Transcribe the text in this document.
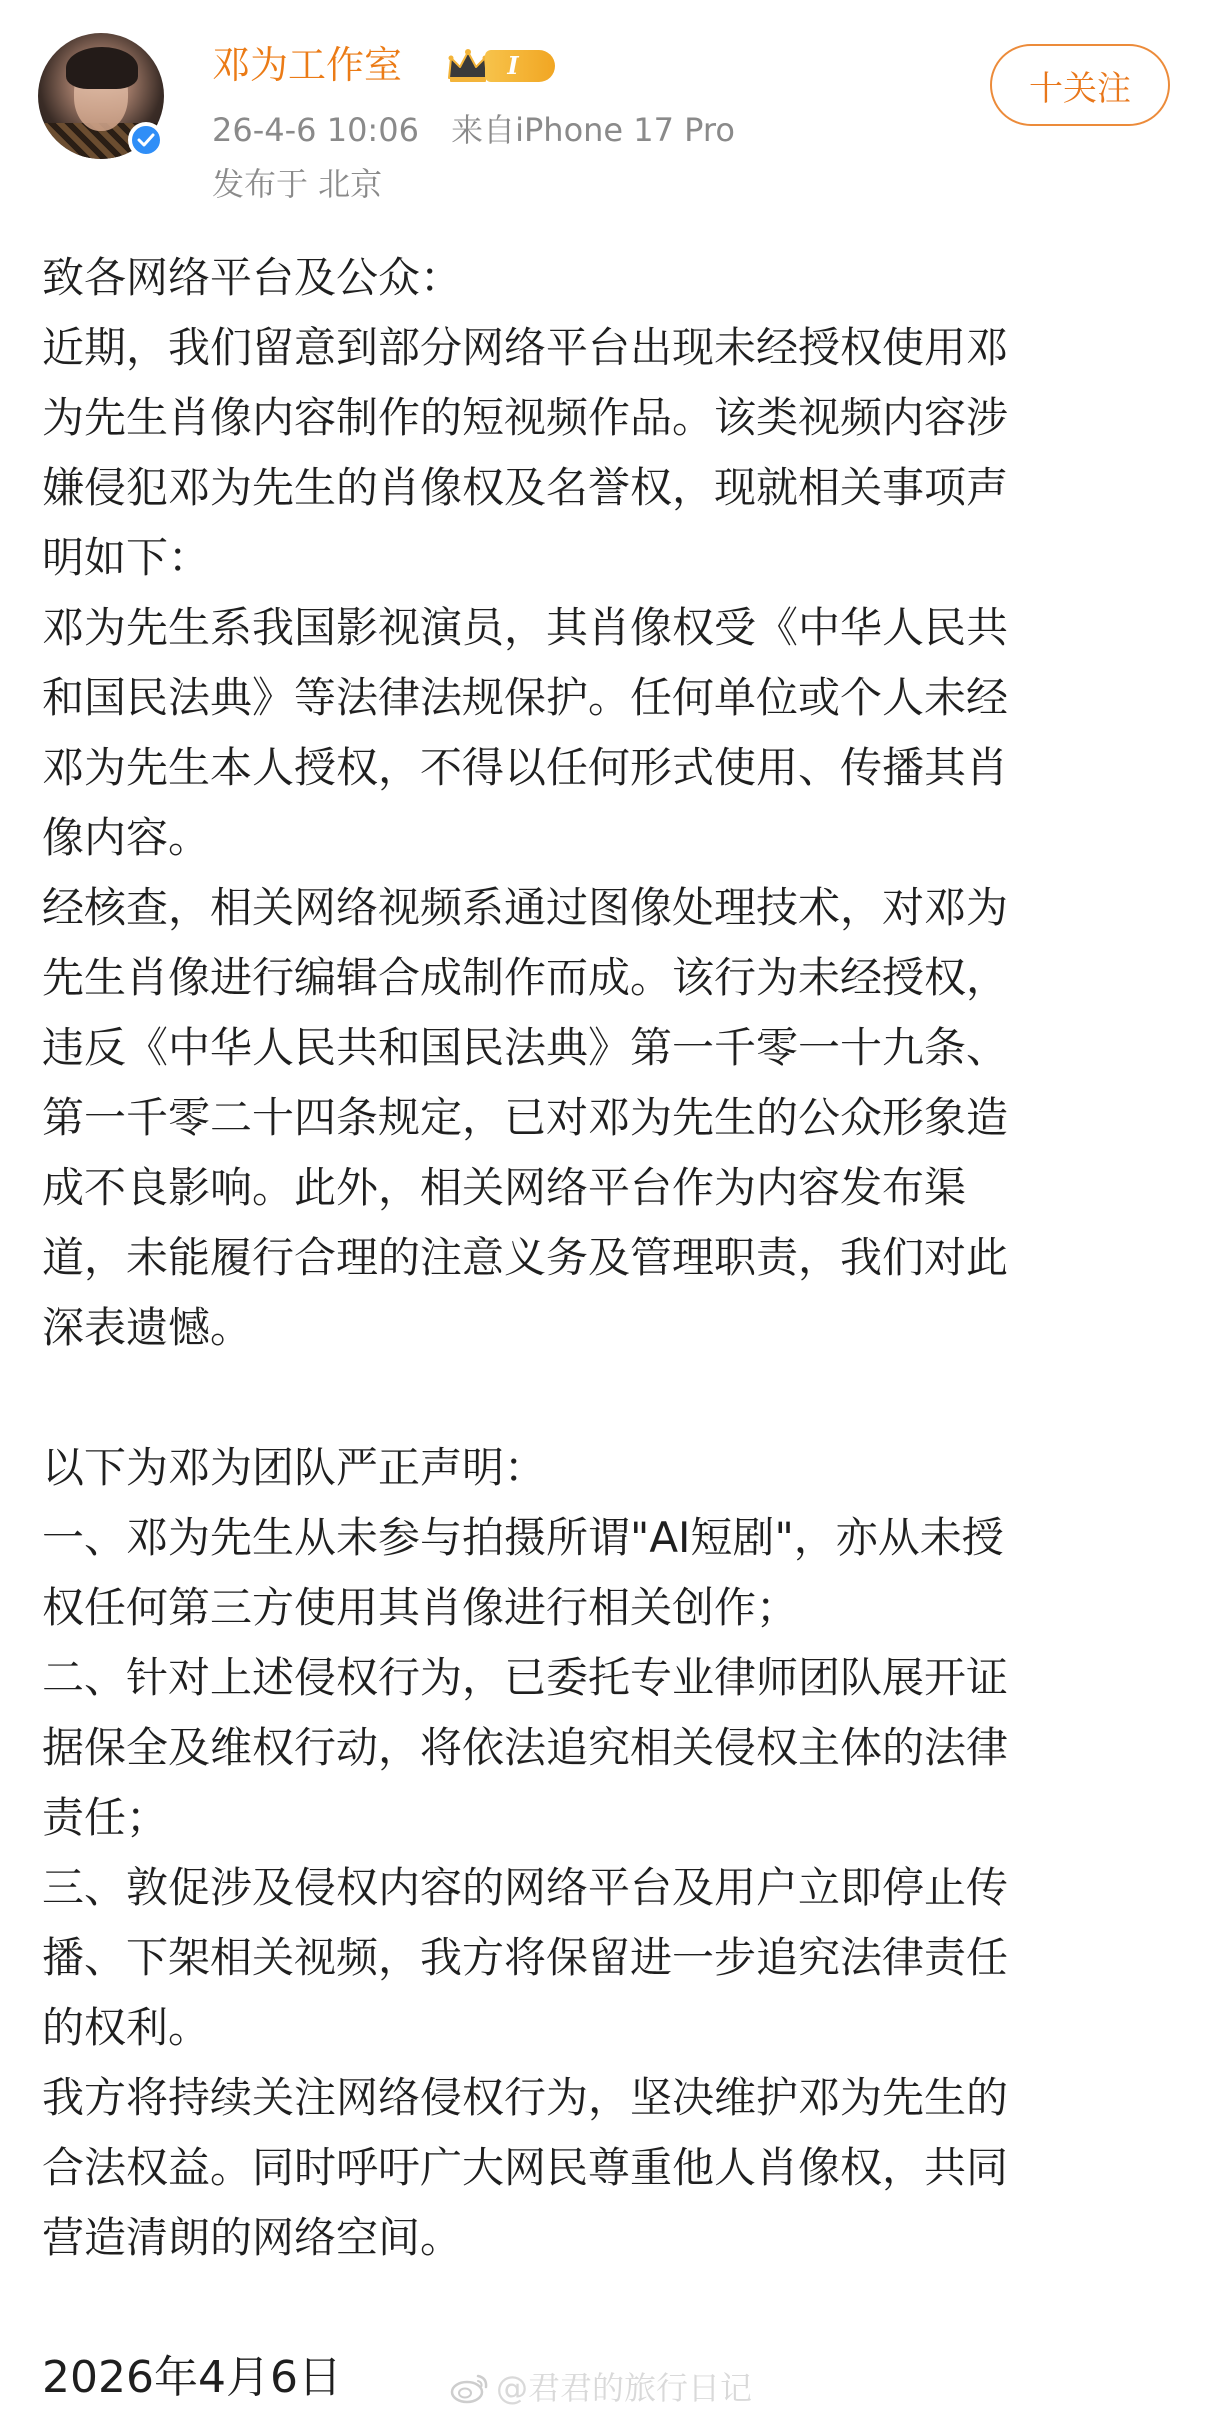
邓为工作室	I
26-4-6 10:06 来自iPhone 17 Pro
发布于 北京
十关注

致各网络平台及公众：

近期，我们留意到部分网络平台出现未经授权使用邓

为先生肖像内容制作的短视频作品。该类视频内容涉

嫌侵犯邓为先生的肖像权及名誉权，现就相关事项声

明如下：

邓为先生系我国影视演员，其肖像权受《中华人民共

和国民法典》等法律法规保护。任何单位或个人未经

邓为先生本人授权，不得以任何形式使用、传播其肖

像内容。

经核查，相关网络视频系通过图像处理技术，对邓为

先生肖像进行编辑合成制作而成。该行为未经授权，

违反《中华人民共和国民法典》第一千零一十九条、

第一千零二十四条规定，已对邓为先生的公众形象造

成不良影响。此外，相关网络平台作为内容发布渠

道，未能履行合理的注意义务及管理职责，我们对此

深表遗憾。

以下为邓为团队严正声明：

一、邓为先生从未参与拍摄所谓"AI短剧"，亦从未授

权任何第三方使用其肖像进行相关创作；

二、针对上述侵权行为，已委托专业律师团队展开证

据保全及维权行动，将依法追究相关侵权主体的法律

责任；

三、敦促涉及侵权内容的网络平台及用户立即停止传

播、下架相关视频，我方将保留进一步追究法律责任

的权利。

我方将持续关注网络侵权行为，坚决维护邓为先生的

合法权益。同时呼吁广大网民尊重他人肖像权，共同

营造清朗的网络空间。

2026年4月6日	@君君的旅行日记
